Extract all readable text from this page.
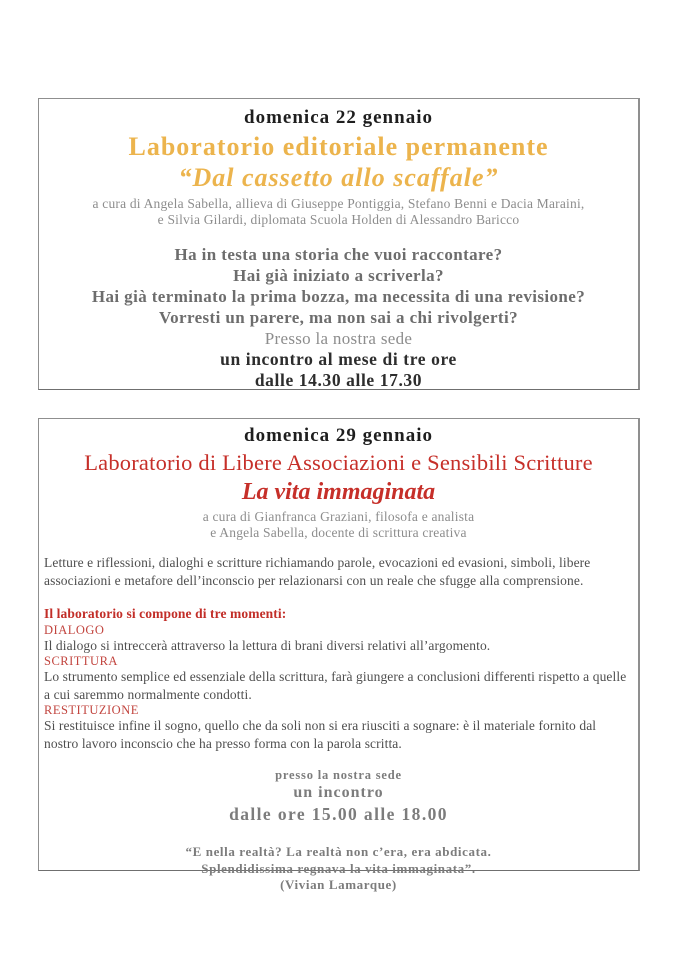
domenica 22 gennaio
Laboratorio editoriale permanente
“Dal cassetto allo scaffale”
a cura di Angela Sabella, allieva di Giuseppe Pontiggia, Stefano Benni e Dacia Maraini,
e Silvia Gilardi, diplomata Scuola Holden di Alessandro Baricco
Ha in testa una storia che vuoi raccontare?
Hai già iniziato a scriverla?
Hai già terminato la prima bozza, ma necessita di una revisione?
Vorresti un parere, ma non sai a chi rivolgerti?
Presso la nostra sede
un incontro al mese di tre ore
dalle 14.30 alle 17.30
domenica 29 gennaio
Laboratorio di Libere Associazioni e Sensibili Scritture
La vita immaginata
a cura di Gianfranca Graziani, filosofa e analista
e Angela Sabella, docente di scrittura creativa
Letture e riflessioni, dialoghi e scritture richiamando parole, evocazioni ed evasioni, simboli, libere associazioni e metafore dell’inconscio per relazionarsi con un reale che sfugge alla comprensione.
Il laboratorio si compone di tre momenti:
DIALOGO
Il dialogo si intreccerà attraverso la lettura di brani diversi relativi all’argomento.
SCRITTURA
Lo strumento semplice ed essenziale della scrittura, farà giungere a conclusioni differenti rispetto a quelle a cui saremmo normalmente condotti.
RESTITUZIONE
Si restituisce infine il sogno, quello che da soli non si era riusciti a sognare: è il materiale fornito dal nostro lavoro inconscio che ha presso forma con la parola scritta.
presso la nostra sede
un incontro
dalle ore 15.00 alle 18.00
“E nella realtà? La realtà non c’era, era abdicata.
Splendidissima regnava la vita immaginata”.
(Vivian Lamarque)
